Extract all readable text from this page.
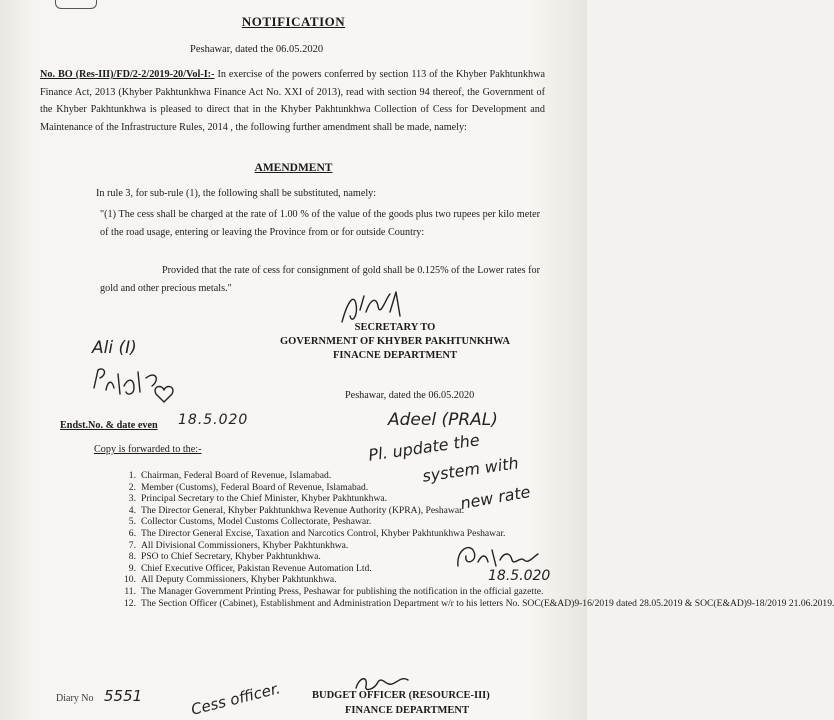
NOTIFICATION
Peshawar, dated the 06.05.2020
No. BO (Res-III)/FD/2-2/2019-20/Vol-I:- In exercise of the powers conferred by section 113 of the Khyber Pakhtunkhwa Finance Act, 2013 (Khyber Pakhtunkhwa Finance Act No. XXI of 2013), read with section 94 thereof, the Government of the Khyber Pakhtunkhwa is pleased to direct that in the Khyber Pakhtunkhwa Collection of Cess for Development and Maintenance of the Infrastructure Rules, 2014 , the following further amendment shall be made, namely:
AMENDMENT
In rule 3, for sub-rule (1), the following shall be substituted, namely:
"(1) The cess shall be charged at the rate of 1.00 % of the value of the goods plus two rupees per kilo meter of the road usage, entering or leaving the Province from or for outside Country:
Provided that the rate of cess for consignment of gold shall be 0.125% of the Lower rates for gold and other precious metals."
SECRETARY TO
GOVERNMENT OF KHYBER PAKHTUNKHWA
FINACNE DEPARTMENT
Ali (I)
18.5.020
Peshawar, dated the 06.05.2020
Endst.No. & date even
Copy is forwarded to the:-
Adeel (PRAL)
Pl. update the
system with
new rate
1. Chairman, Federal Board of Revenue, Islamabad.
2. Member (Customs), Federal Board of Revenue, Islamabad.
3. Principal Secretary to the Chief Minister, Khyber Pakhtunkhwa.
4. The Director General, Khyber Pakhtunkhwa Revenue Authority (KPRA), Peshawar.
5. Collector Customs, Model Customs Collectorate, Peshawar.
6. The Director General Excise, Taxation and Narcotics Control, Khyber Pakhtunkhwa Peshawar.
7. All Divisional Commissioners, Khyber Pakhtunkhwa.
8. PSO to Chief Secretary, Khyber Pakhtunkhwa.
9. Chief Executive Officer, Pakistan Revenue Automation Ltd.
10. All Deputy Commissioners, Khyber Pakhtunkhwa.
11. The Manager Government Printing Press, Peshawar for publishing the notification in the official gazette.
12. The Section Officer (Cabinet), Establishment and Administration Department w/r to his letters No. SOC(E&AD)9-16/2019 dated 28.05.2019 & SOC(E&AD)9-18/2019 21.06.2019.
18.5.020
BUDGET OFFICER (RESOURCE-III)
FINANCE DEPARTMENT
Diary No 5551	Cess officer.
